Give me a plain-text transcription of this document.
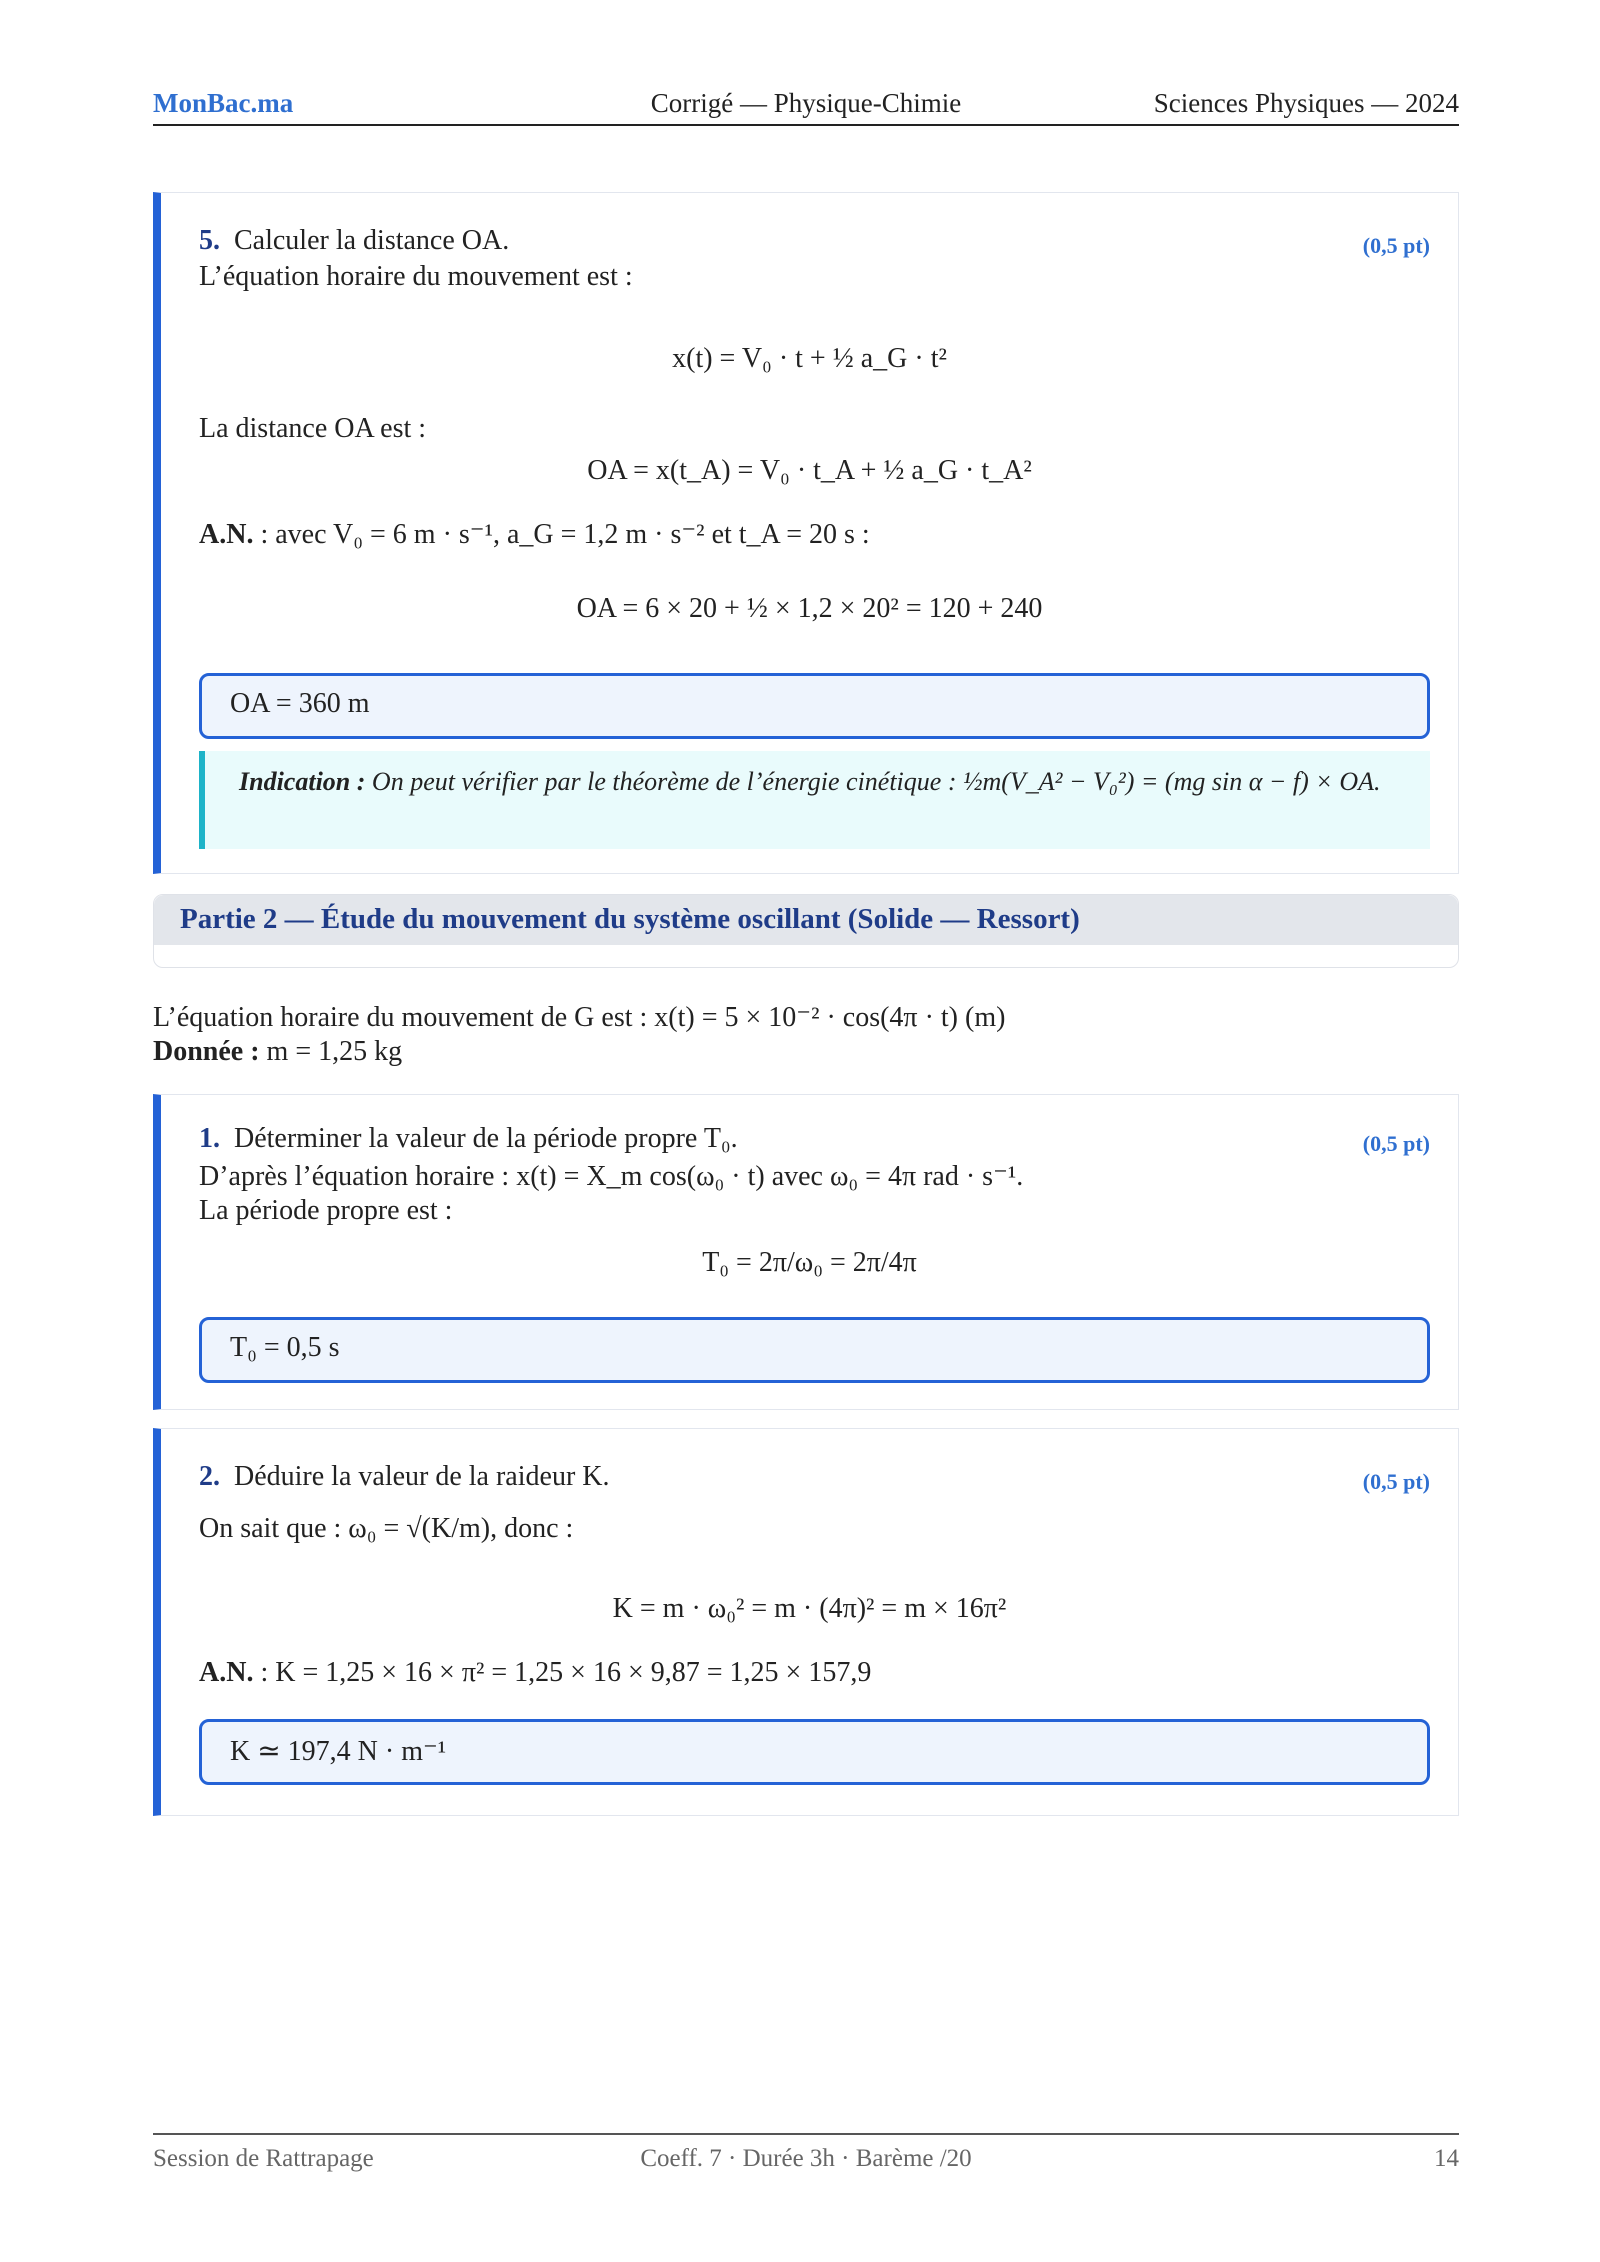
MonBac.ma	Corrigé — Physique-Chimie	Sciences Physiques — 2024
5. Calculer la distance OA.	(0,5 pt)
L’équation horaire du mouvement est :
x(t) = V₀ · t + ½ a_G · t²
La distance OA est :
OA = x(t_A) = V₀ · t_A + ½ a_G · t_A²
A.N. : avec V₀ = 6 m · s⁻¹, a_G = 1,2 m · s⁻² et t_A = 20 s :
OA = 6 × 20 + ½ × 1,2 × 20² = 120 + 240
OA = 360 m
Indication : On peut vérifier par le théorème de l’énergie cinétique : ½m(V_A² − V₀²) = (mg sin α − f) × OA.
Partie 2 — Étude du mouvement du système oscillant (Solide — Ressort)
L’équation horaire du mouvement de G est : x(t) = 5 × 10⁻² · cos(4π · t) (m)
Donnée : m = 1,25 kg
1. Déterminer la valeur de la période propre T₀.	(0,5 pt)
D’après l’équation horaire : x(t) = X_m cos(ω₀ · t) avec ω₀ = 4π rad · s⁻¹.
La période propre est :
T₀ = 2π/ω₀ = 2π/4π
T₀ = 0,5 s
2. Déduire la valeur de la raideur K.	(0,5 pt)
On sait que : ω₀ = √(K/m), donc :
K = m · ω₀² = m · (4π)² = m × 16π²
A.N. : K = 1,25 × 16 × π² = 1,25 × 16 × 9,87 = 1,25 × 157,9
K ≃ 197,4 N · m⁻¹
Session de Rattrapage	Coeff. 7 · Durée 3h · Barème /20	14
